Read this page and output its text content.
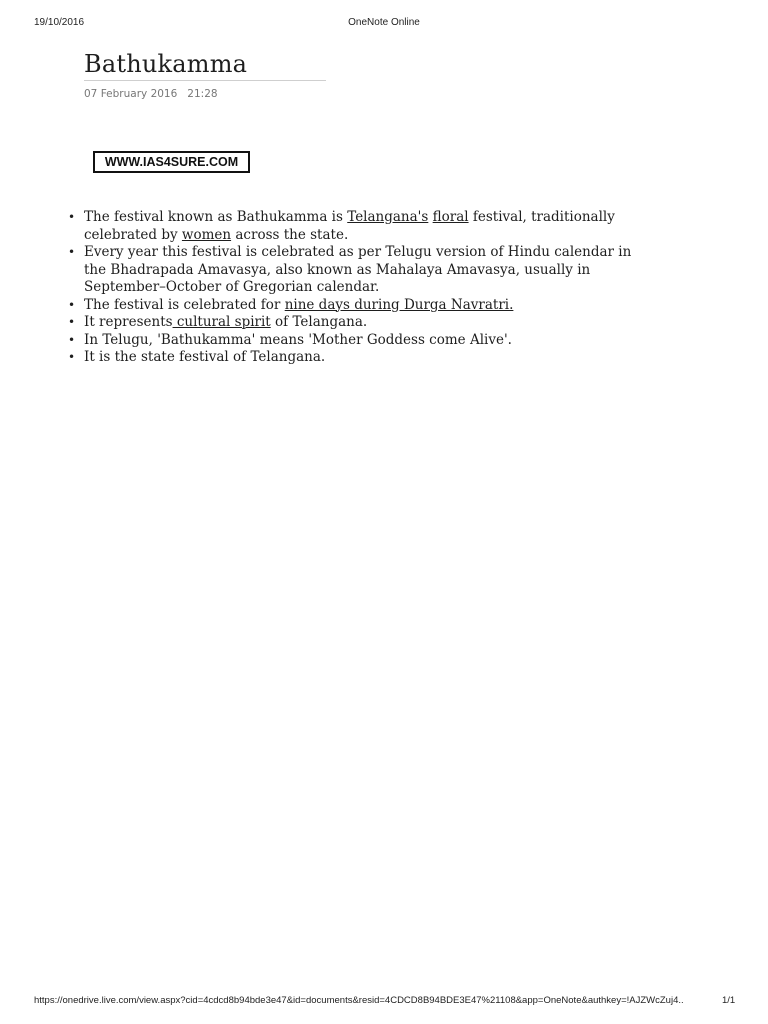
19/10/2016	OneNote Online
Bathukamma
07 February 2016 21:28
WWW.IAS4SURE.COM
• The festival known as Bathukamma is Telangana's floral festival, traditionally celebrated by women across the state.
• Every year this festival is celebrated as per Telugu version of Hindu calendar in the Bhadrapada Amavasya, also known as Mahalaya Amavasya, usually in September–October of Gregorian calendar.
• The festival is celebrated for nine days during Durga Navratri.
• It represents cultural spirit of Telangana.
• In Telugu, 'Bathukamma' means 'Mother Goddess come Alive'.
• It is the state festival of Telangana.
https://onedrive.live.com/view.aspx?cid=4cdcd8b94bde3e47&id=documents&resid=4CDCD8B94BDE3E47%21108&app=OneNote&authkey=!AJZWcZuj4..	1/1
